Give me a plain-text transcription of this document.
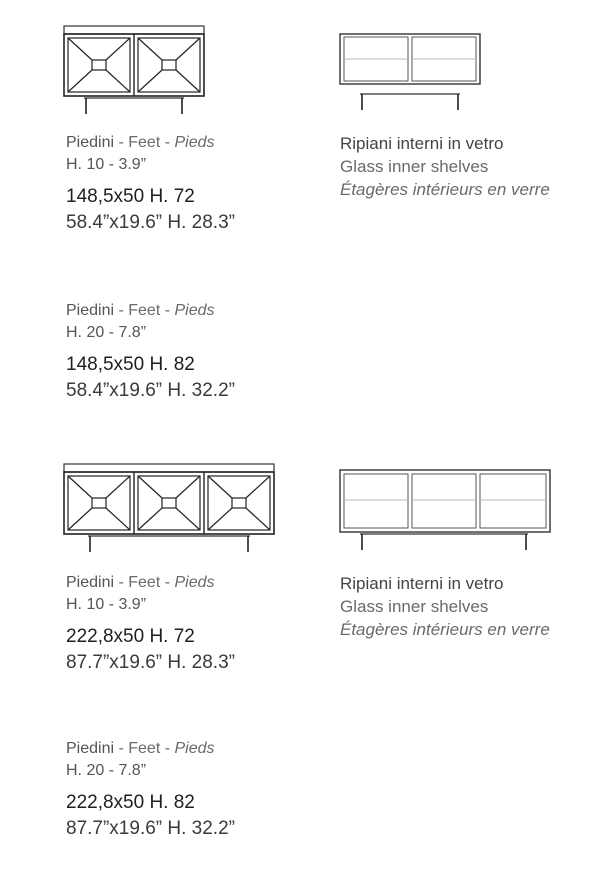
Piedini - Feet - Pieds
H. 10 - 3.9”
148,5x50 H. 72
58.4”x19.6” H. 28.3”
Piedini - Feet - Pieds
H. 20 - 7.8”
148,5x50 H. 82
58.4”x19.6” H. 32.2”
Piedini - Feet - Pieds
H. 10 - 3.9”
222,8x50 H. 72
87.7”x19.6” H. 28.3”
Piedini - Feet - Pieds
H. 20 - 7.8”
222,8x50 H. 82
87.7”x19.6” H. 32.2”
Ripiani interni in vetro
Glass inner shelves
Étagères intérieurs en verre
Ripiani interni in vetro
Glass inner shelves
Étagères intérieurs en verre
